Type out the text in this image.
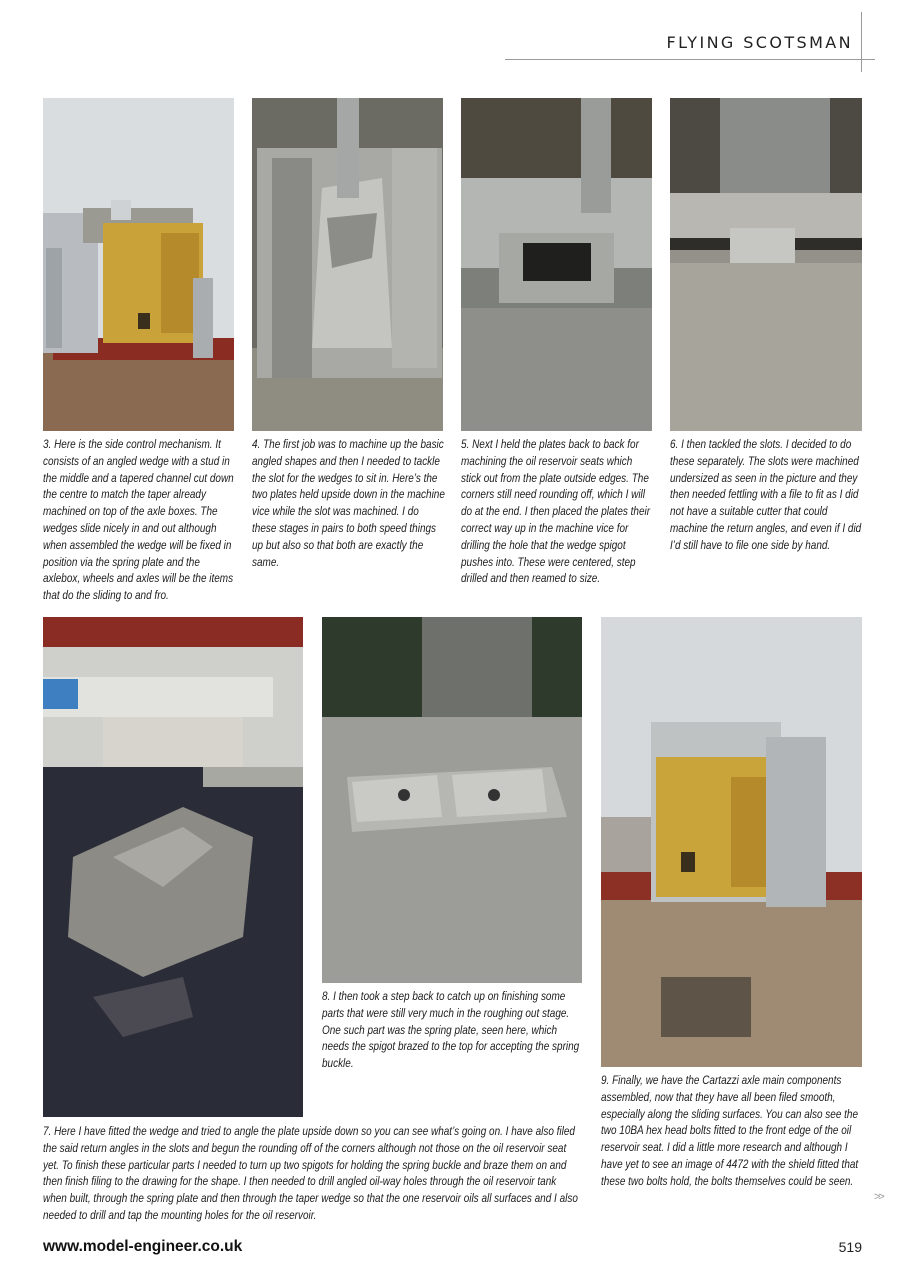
FLYING SCOTSMAN

3. Here is the side control mechanism. It consists of an angled wedge with a stud in the middle and a tapered channel cut down the centre to match the taper already machined on top of the axle boxes. The wedges slide nicely in and out although when assembled the wedge will be fixed in position via the spring plate and the axlebox, wheels and axles will be the items that do the sliding to and fro.

4. The first job was to machine up the basic angled shapes and then I needed to tackle the slot for the wedges to sit in. Here’s the two plates held upside down in the machine vice while the slot was machined. I do these stages in pairs to both speed things up but also so that both are exactly the same.

5. Next I held the plates back to back for machining the oil reservoir seats which stick out from the plate outside edges. The corners still need rounding off, which I will do at the end. I then placed the plates their correct way up in the machine vice for drilling the hole that the wedge spigot pushes into. These were centered, step drilled and then reamed to size.

6. I then tackled the slots. I decided to do these separately. The slots were machined undersized as seen in the picture and they then needed fettling with a file to fit as I did not have a suitable cutter that could machine the return angles, and even if I did I’d still have to file one side by hand.

7. Here I have fitted the wedge and tried to angle the plate upside down so you can see what’s going on. I have also filed the said return angles in the slots and begun the rounding off of the corners although not those on the oil reservoir seat yet. To finish these particular parts I needed to turn up two spigots for holding the spring buckle and braze them on and then finish filing to the drawing for the shape. I then needed to drill angled oil-way holes through the oil reservoir tank when built, through the spring plate and then through the taper wedge so that the one reservoir oils all surfaces and I also needed to drill and tap the mounting holes for the oil reservoir.

8. I then took a step back to catch up on finishing some parts that were still very much in the roughing out stage. One such part was the spring plate, seen here, which needs the spigot brazed to the top for accepting the spring buckle.

9. Finally, we have the Cartazzi axle main components assembled, now that they have all been filed smooth, especially along the sliding surfaces. You can also see the two 10BA hex head bolts fitted to the front edge of the oil reservoir seat. I did a little more research and although I have yet to see an image of 4472 with the shield fitted that these two bolts hold, the bolts themselves could be seen.

www.model-engineer.co.uk	519
>>
